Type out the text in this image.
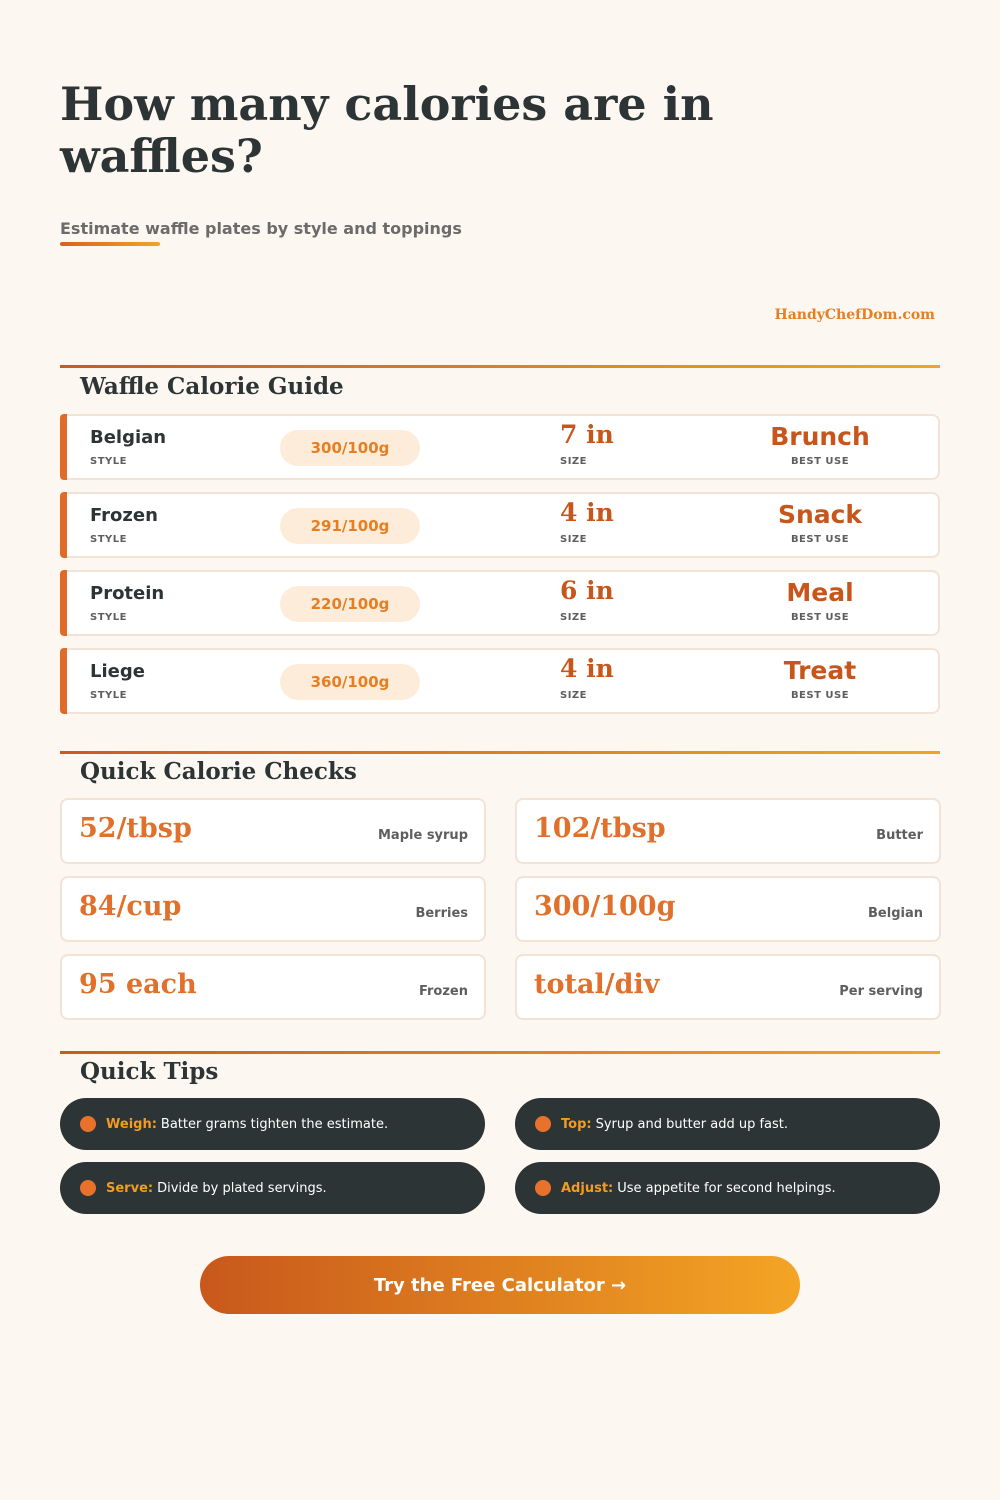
How many calories are in waffles?
Estimate waffle plates by style and toppings
HandyChefDom.com
Waffle Calorie Guide
Belgian
STYLE
300/100g	7 in
SIZE
Brunch
BEST USE
Frozen
STYLE
291/100g	4 in
SIZE
Snack
BEST USE
Protein
STYLE
220/100g	6 in
SIZE
Meal
BEST USE
Liege
STYLE
360/100g	4 in
SIZE
Treat
BEST USE
Quick Calorie Checks
52/tbsp	Maple syrup 102/tbsp	Butter
84/cup	Berries 300/100g	Belgian
95 each	Frozen total/div	Per serving
Quick Tips
Weigh: Batter grams tighten the estimate.	Top: Syrup and butter add up fast.
Serve: Divide by plated servings.	Adjust: Use appetite for second helpings.
Try the Free Calculator →
